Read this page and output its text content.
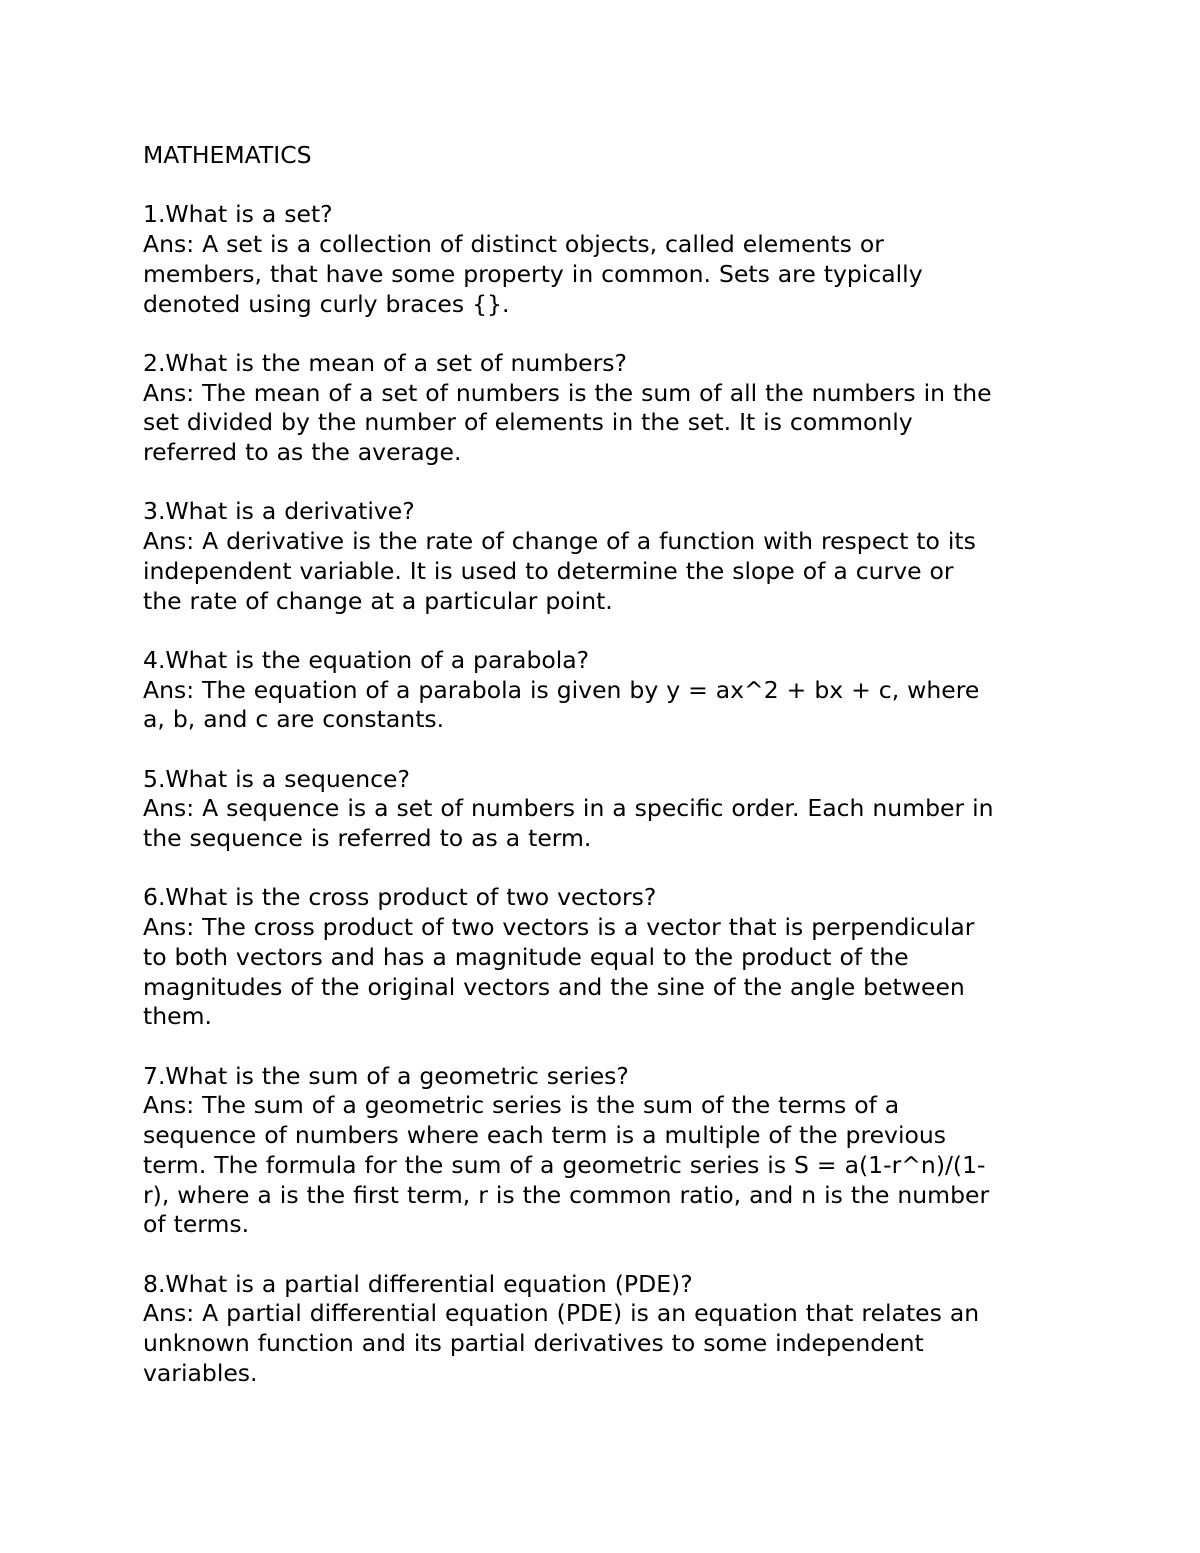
MATHEMATICS

1.What is a set?

Ans: A set is a collection of distinct objects, called elements or
members, that have some property in common. Sets are typically
denoted using curly braces {}.

2.What is the mean of a set of numbers?

Ans: The mean of a set of numbers is the sum of all the numbers in the
set divided by the number of elements in the set. It is commonly
referred to as the average.

3.What is a derivative?

Ans: A derivative is the rate of change of a function with respect to its
independent variable. It is used to determine the slope of a curve or
the rate of change at a particular point.

4.What is the equation of a parabola?

Ans: The equation of a parabola is given by y = ax^2 + bx + c, where
a, b, and c are constants.

5.What is a sequence?

Ans: A sequence is a set of numbers in a specific order. Each number in
the sequence is referred to as a term.

6.What is the cross product of two vectors?

Ans: The cross product of two vectors is a vector that is perpendicular
to both vectors and has a magnitude equal to the product of the
magnitudes of the original vectors and the sine of the angle between
them.

7.What is the sum of a geometric series?

Ans: The sum of a geometric series is the sum of the terms of a
sequence of numbers where each term is a multiple of the previous
term. The formula for the sum of a geometric series is S = a(1-r^n)/(1-
r), where a is the first term, r is the common ratio, and n is the number
of terms.

8.What is a partial differential equation (PDE)?

Ans: A partial differential equation (PDE) is an equation that relates an
unknown function and its partial derivatives to some independent
variables.
